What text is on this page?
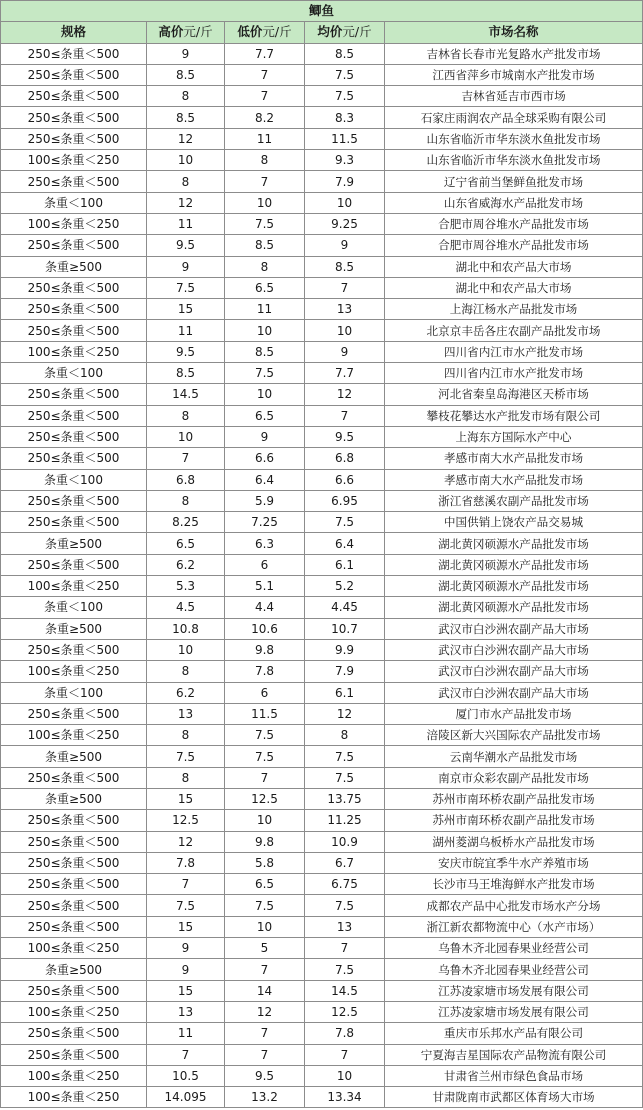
鲫鱼				
规格	高价元/斤	低价元/斤	均价元/斤	市场名称
250≤条重＜500	9	7.7	8.5	吉林省长春市光复路水产批发市场
250≤条重＜500	8.5	7	7.5	江西省萍乡市城南水产批发市场
250≤条重＜500	8	7	7.5	吉林省延吉市西市场
250≤条重＜500	8.5	8.2	8.3	石家庄雨润农产品全球采购有限公司
250≤条重＜500	12	11	11.5	山东省临沂市华东淡水鱼批发市场
100≤条重＜250	10	8	9.3	山东省临沂市华东淡水鱼批发市场
250≤条重＜500	8	7	7.9	辽宁省前当堡鲜鱼批发市场
条重＜100	12	10	10	山东省威海水产品批发市场
100≤条重＜250	11	7.5	9.25	合肥市周谷堆水产品批发市场
250≤条重＜500	9.5	8.5	9	合肥市周谷堆水产品批发市场
条重≥500	9	8	8.5	湖北中和农产品大市场
250≤条重＜500	7.5	6.5	7	湖北中和农产品大市场
250≤条重＜500	15	11	13	上海江杨水产品批发市场
250≤条重＜500	11	10	10	北京京丰岳各庄农副产品批发市场
100≤条重＜250	9.5	8.5	9	四川省内江市水产批发市场
条重＜100	8.5	7.5	7.7	四川省内江市水产批发市场
250≤条重＜500	14.5	10	12	河北省秦皇岛海港区天桥市场
250≤条重＜500	8	6.5	7	攀枝花攀达水产批发市场有限公司
250≤条重＜500	10	9	9.5	上海东方国际水产中心
250≤条重＜500	7	6.6	6.8	孝感市南大水产品批发市场
条重＜100	6.8	6.4	6.6	孝感市南大水产品批发市场
250≤条重＜500	8	5.9	6.95	浙江省慈溪农副产品批发市场
250≤条重＜500	8.25	7.25	7.5	中国供销上饶农产品交易城
条重≥500	6.5	6.3	6.4	湖北黄冈硕源水产品批发市场
250≤条重＜500	6.2	6	6.1	湖北黄冈硕源水产品批发市场
100≤条重＜250	5.3	5.1	5.2	湖北黄冈硕源水产品批发市场
条重＜100	4.5	4.4	4.45	湖北黄冈硕源水产品批发市场
条重≥500	10.8	10.6	10.7	武汉市白沙洲农副产品大市场
250≤条重＜500	10	9.8	9.9	武汉市白沙洲农副产品大市场
100≤条重＜250	8	7.8	7.9	武汉市白沙洲农副产品大市场
条重＜100	6.2	6	6.1	武汉市白沙洲农副产品大市场
250≤条重＜500	13	11.5	12	厦门市水产品批发市场
100≤条重＜250	8	7.5	8	涪陵区新大兴国际农产品批发市场
条重≥500	7.5	7.5	7.5	云南华潮水产品批发市场
250≤条重＜500	8	7	7.5	南京市众彩农副产品批发市场
条重≥500	15	12.5	13.75	苏州市南环桥农副产品批发市场
250≤条重＜500	12.5	10	11.25	苏州市南环桥农副产品批发市场
250≤条重＜500	12	9.8	10.9	湖州菱湖乌板桥水产品批发市场
250≤条重＜500	7.8	5.8	6.7	安庆市皖宜季牛水产养殖市场
250≤条重＜500	7	6.5	6.75	长沙市马王堆海鲜水产批发市场
250≤条重＜500	7.5	7.5	7.5	成都农产品中心批发市场水产分场
250≤条重＜500	15	10	13	浙江新农都物流中心（水产市场）
100≤条重＜250	9	5	7	乌鲁木齐北园春果业经营公司
条重≥500	9	7	7.5	乌鲁木齐北园春果业经营公司
250≤条重＜500	15	14	14.5	江苏凌家塘市场发展有限公司
100≤条重＜250	13	12	12.5	江苏凌家塘市场发展有限公司
250≤条重＜500	11	7	7.8	重庆市乐邦水产品有限公司
250≤条重＜500	7	7	7	宁夏海吉星国际农产品物流有限公司
100≤条重＜250	10.5	9.5	10	甘肃省兰州市绿色食品市场
100≤条重＜250	14.095	13.2	13.34	甘肃陇南市武都区体育场大市场
